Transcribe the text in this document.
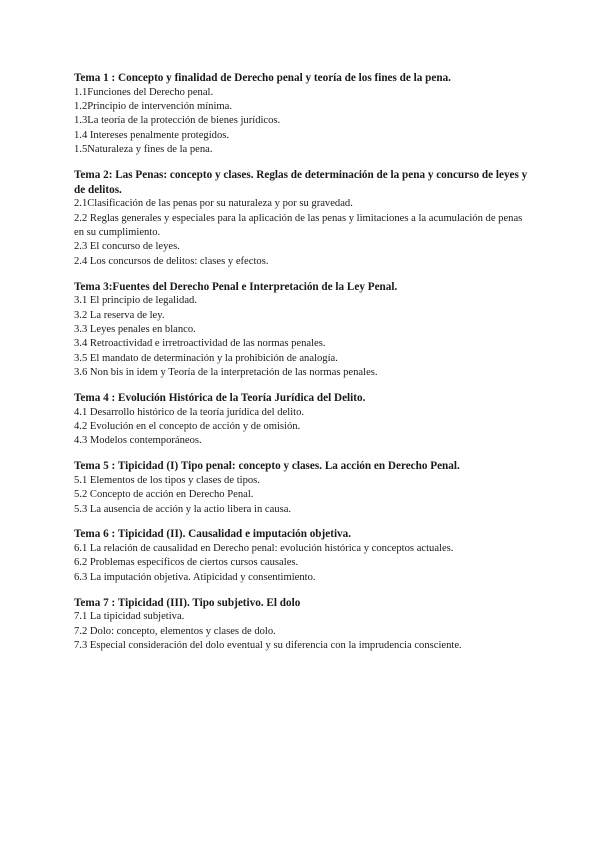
Tema 1 : Concepto y finalidad de Derecho penal y teoría de los fines de la pena.
1.1Funciones del Derecho penal.
1.2Principio de intervención mínima.
1.3La teoría de la protección de bienes jurídicos.
1.4 Intereses penalmente protegidos.
1.5Naturaleza y fines de la pena.
Tema 2: Las Penas: concepto y clases. Reglas de determinación de la pena y concurso de leyes y de delitos.
2.1Clasificación de las penas por su naturaleza y por su gravedad.
2.2 Reglas generales y especiales para la aplicación de las penas y limitaciones a la acumulación de penas en su cumplimiento.
2.3 El concurso de leyes.
2.4 Los concursos de delitos: clases y efectos.
Tema 3:Fuentes del Derecho Penal e Interpretación de la Ley Penal.
3.1 El principio de legalidad.
3.2 La reserva de ley.
3.3 Leyes penales en blanco.
3.4 Retroactividad e irretroactividad de las normas penales.
3.5 El mandato de determinación y la prohibición de analogía.
3.6 Non bis in idem y Teoría de la interpretación de las normas penales.
Tema 4 : Evolución Histórica de la Teoría Jurídica del Delito.
4.1 Desarrollo histórico de la teoría jurídica del delito.
4.2 Evolución en el concepto de acción y de omisión.
4.3 Modelos contemporáneos.
Tema 5 : Tipicidad (I) Tipo penal: concepto y clases. La acción en Derecho Penal.
5.1 Elementos de los tipos y clases de tipos.
5.2 Concepto de acción en Derecho Penal.
5.3 La ausencia de acción y la actio libera in causa.
Tema 6 : Tipicidad (II). Causalidad e imputación objetiva.
6.1 La relación de causalidad en Derecho penal: evolución histórica y conceptos actuales.
6.2 Problemas específicos de ciertos cursos causales.
6.3 La imputación objetiva. Atipicidad y consentimiento.
Tema 7 : Tipicidad (III). Tipo subjetivo. El dolo
7.1 La tipicidad subjetiva.
7.2 Dolo: concepto, elementos y clases de dolo.
7.3 Especial consideración del dolo eventual y su diferencia con la imprudencia consciente.
